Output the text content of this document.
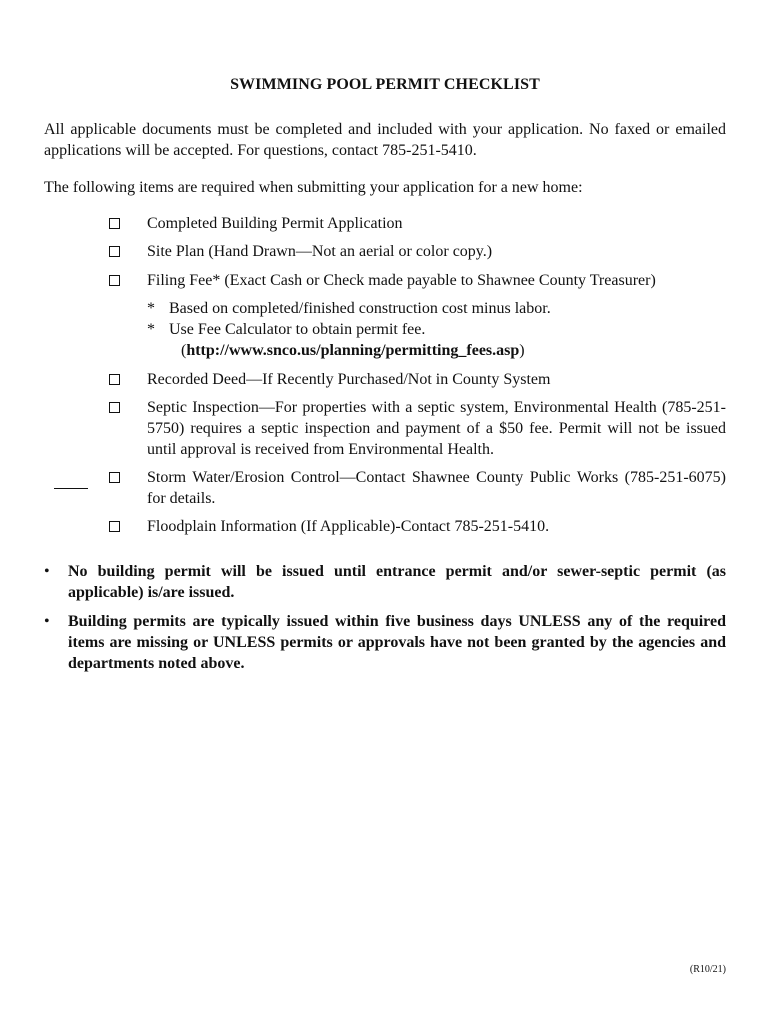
SWIMMING POOL PERMIT CHECKLIST
All applicable documents must be completed and included with your application. No faxed or emailed applications will be accepted. For questions, contact 785-251-5410.
The following items are required when submitting your application for a new home:
Completed Building Permit Application
Site Plan (Hand Drawn—Not an aerial or color copy.)
Filing Fee* (Exact Cash or Check made payable to Shawnee County Treasurer)
* Based on completed/finished construction cost minus labor.
* Use Fee Calculator to obtain permit fee.
(http://www.snco.us/planning/permitting_fees.asp)
Recorded Deed—If Recently Purchased/Not in County System
Septic Inspection—For properties with a septic system, Environmental Health (785-251-5750) requires a septic inspection and payment of a $50 fee. Permit will not be issued until approval is received from Environmental Health.
Storm Water/Erosion Control—Contact Shawnee County Public Works (785-251-6075) for details.
Floodplain Information (If Applicable)-Contact 785-251-5410.
• No building permit will be issued until entrance permit and/or sewer-septic permit (as applicable) is/are issued.
• Building permits are typically issued within five business days UNLESS any of the required items are missing or UNLESS permits or approvals have not been granted by the agencies and departments noted above.
(R10/21)
